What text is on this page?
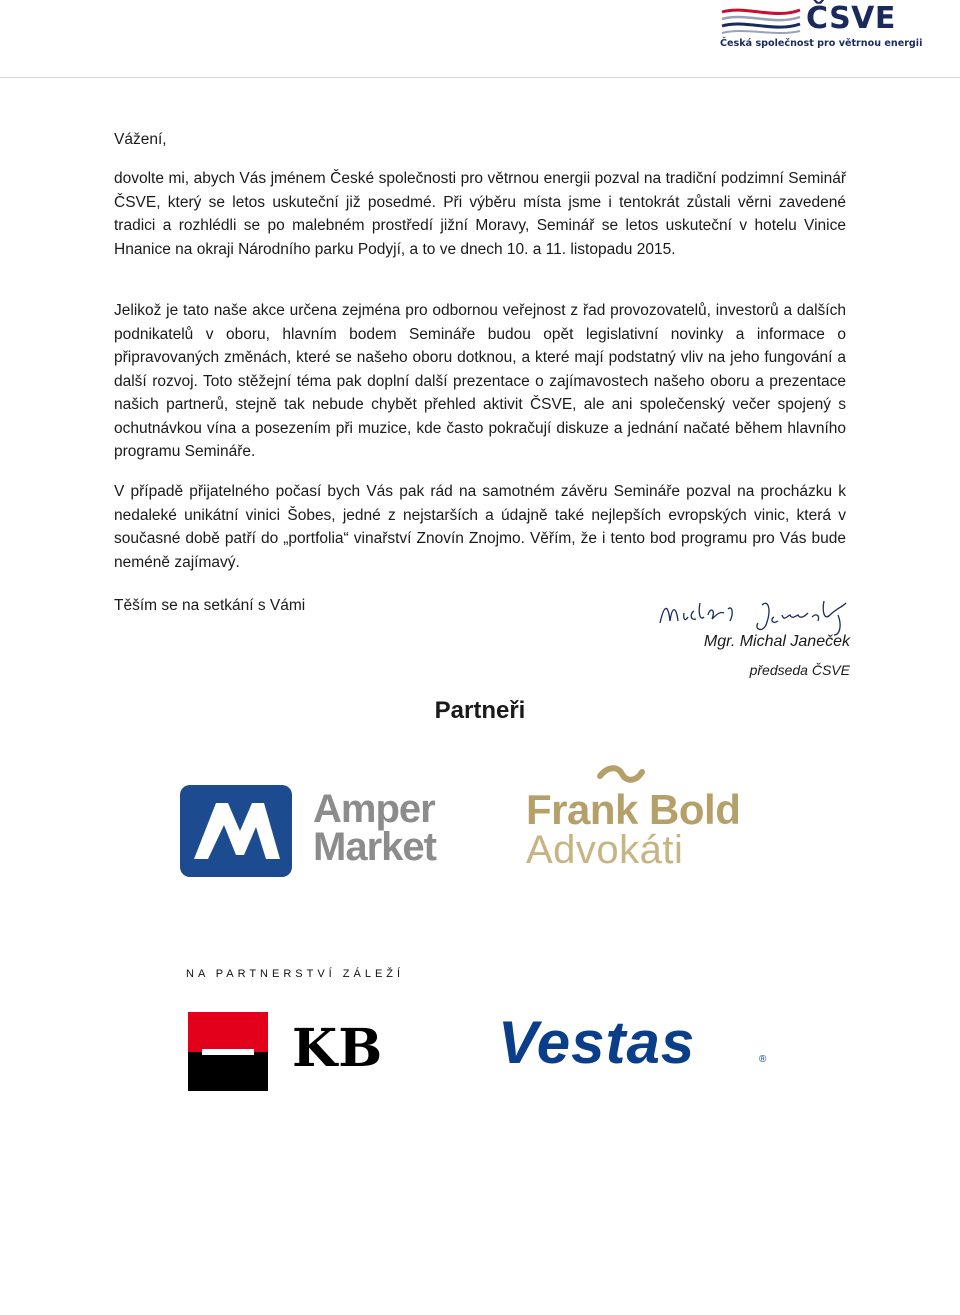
ČSVE
Česká společnost pro větrnou energii
Vážení,

dovolte mi, abych Vás jménem České společnosti pro větrnou energii pozval na tradiční podzimní Seminář ČSVE, který se letos uskuteční již posedmé. Při výběru místa jsme i tentokrát zůstali věrni zavedené tradici a rozhlédli se po malebném prostředí jižní Moravy, Seminář se letos uskuteční v hotelu Vinice Hnanice na okraji Národního parku Podyjí, a to ve dnech 10. a 11. listopadu 2015.

Jelikož je tato naše akce určena zejména pro odbornou veřejnost z řad provozovatelů, investorů a dalších podnikatelů v oboru, hlavním bodem Semináře budou opět legislativní novinky a informace o připravovaných změnách, které se našeho oboru dotknou, a které mají podstatný vliv na jeho fungování a další rozvoj. Toto stěžejní téma pak doplní další prezentace o zajímavostech našeho oboru a prezentace našich partnerů, stejně tak nebude chybět přehled aktivit ČSVE, ale ani společenský večer spojený s ochutnávkou vína a posezením při muzice, kde často pokračují diskuze a jednání načaté během hlavního programu Semináře.

V případě přijatelného počasí bych Vás pak rád na samotném závěru Semináře pozval na procházku k nedaleké unikátní vinici Šobes, jedné z nejstarších a údajně také nejlepších evropských vinic, která v současné době patří do „portfolia“ vinařství Znovín Znojmo. Věřím, že i tento bod programu pro Vás bude neméně zajímavý.

Těším se na setkání s Vámi
Mgr. Michal Janeček
předseda ČSVE
Partneři
Amper
Market
Frank Bold
Advokáti
NA PARTNERSTVÍ ZÁLEŽÍ
KB Vestas	®
